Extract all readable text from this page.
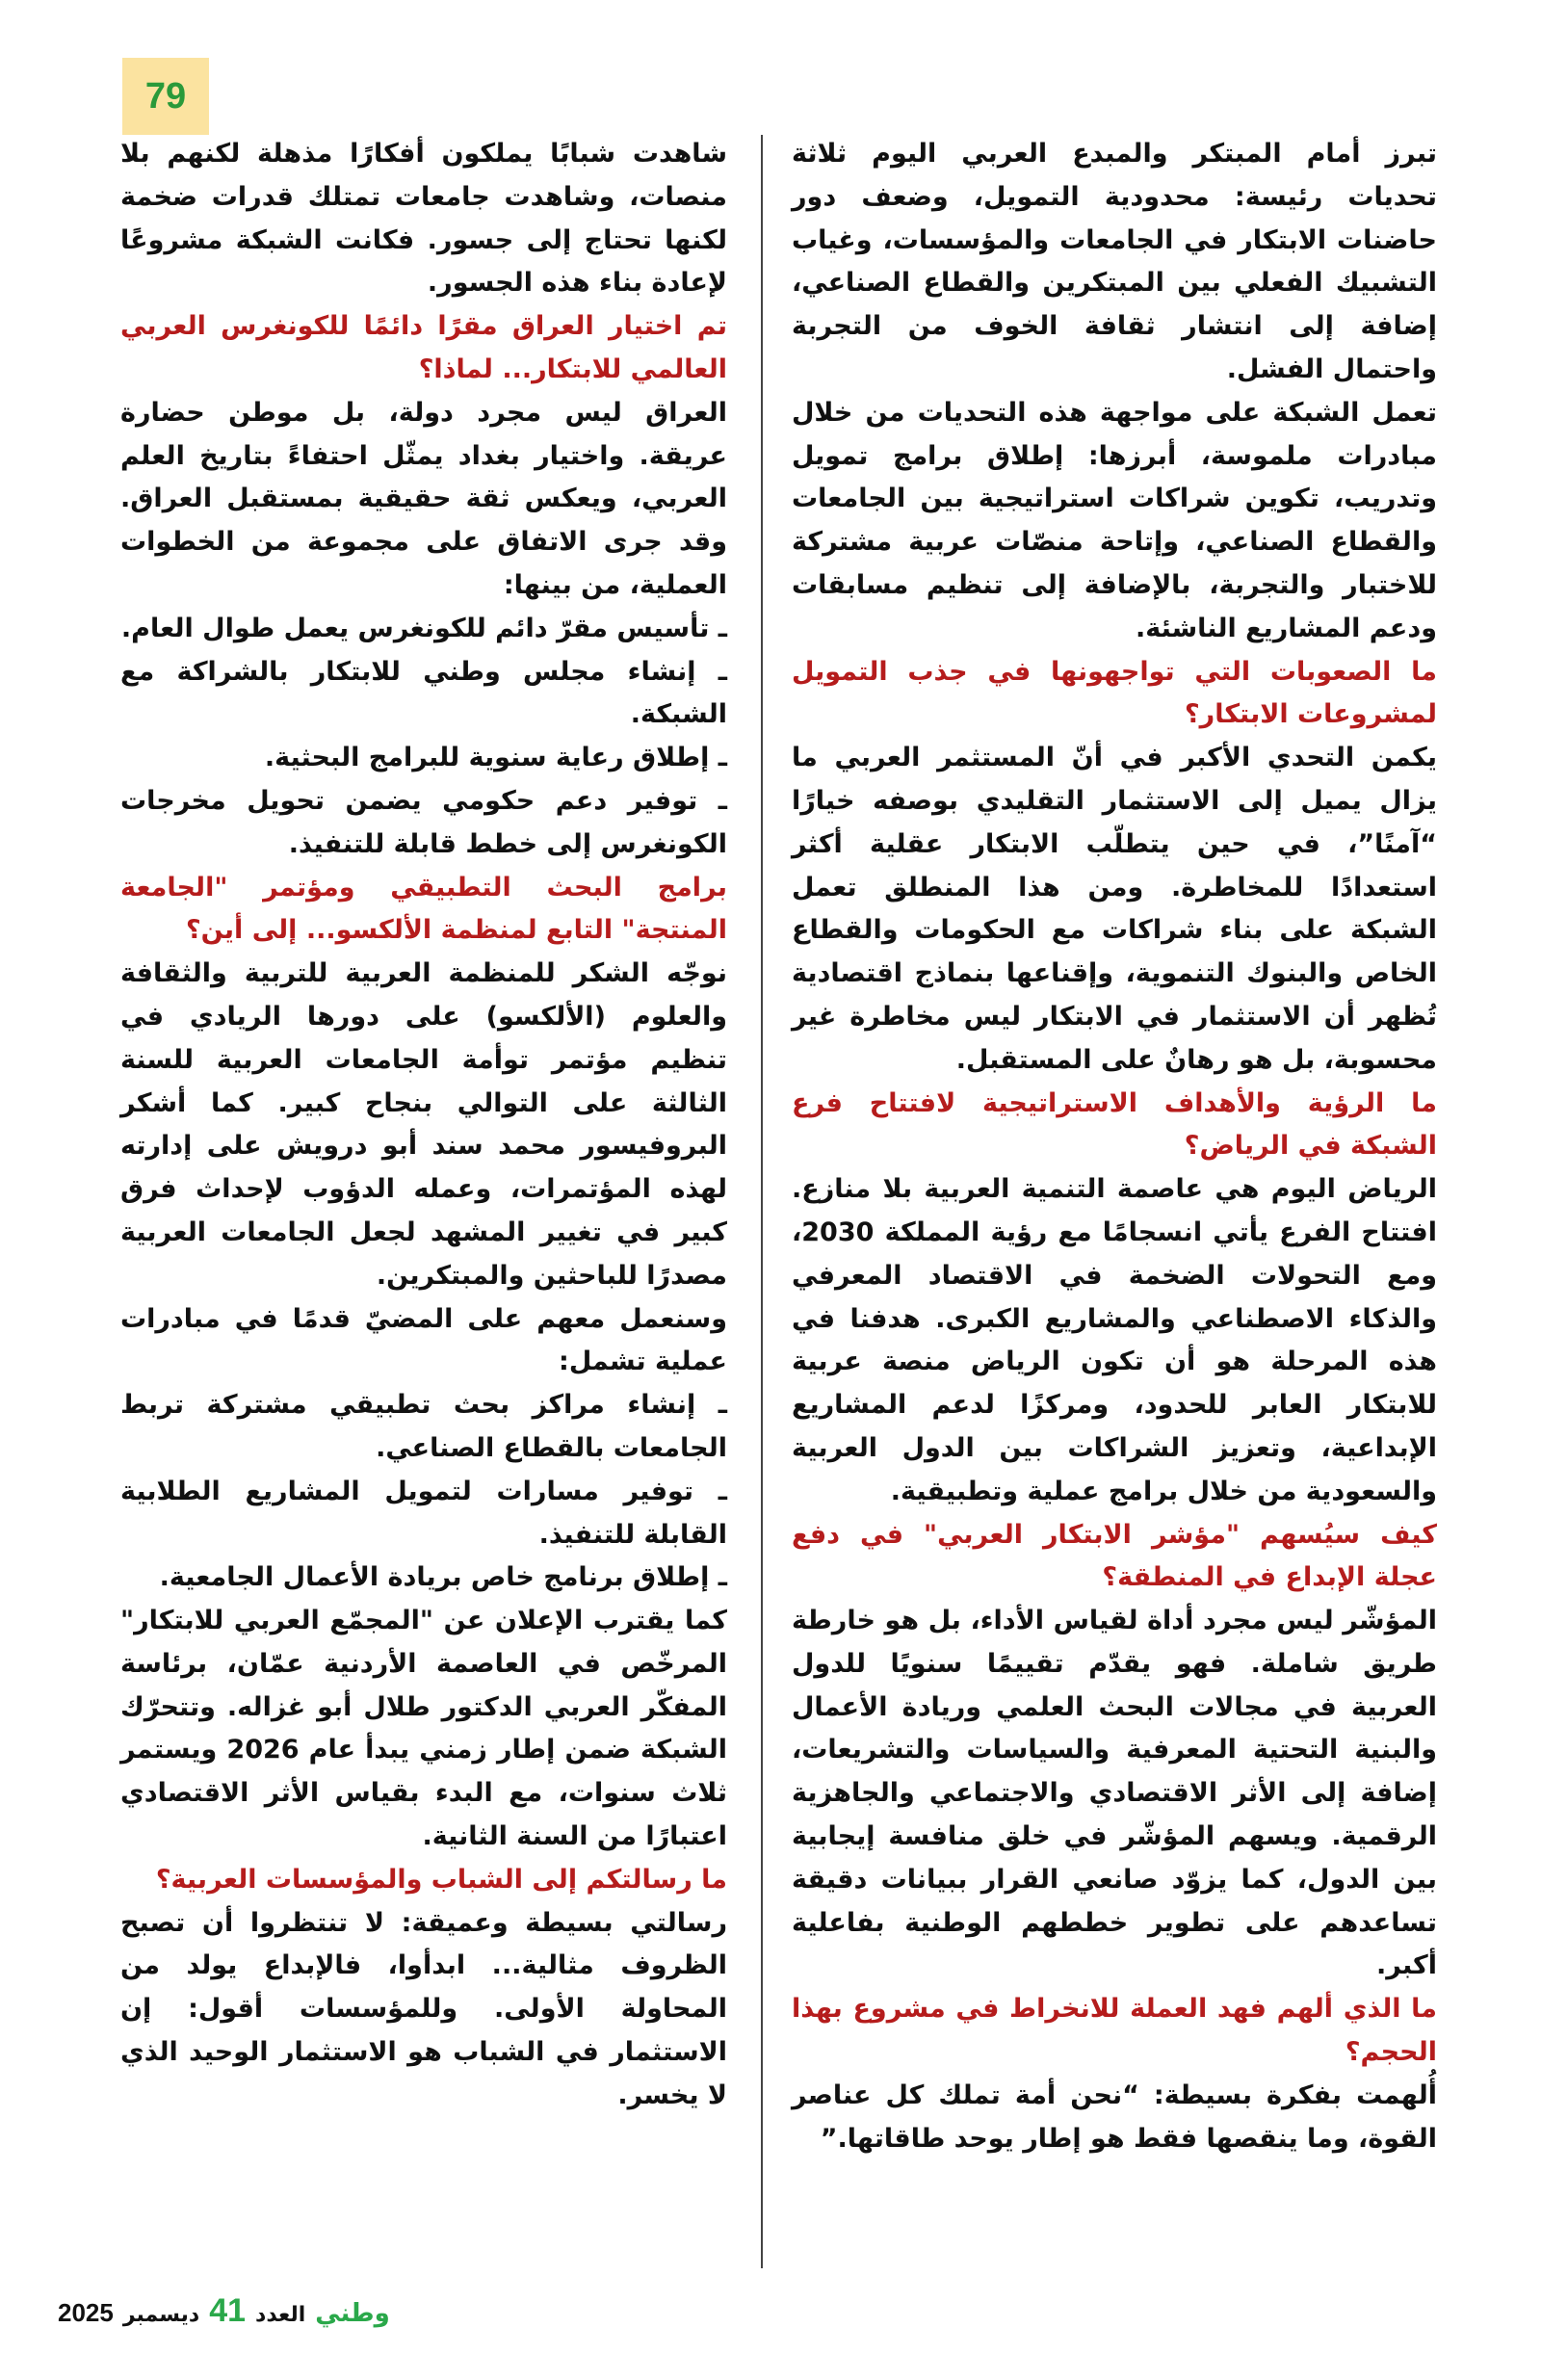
79

تبرز أمام المبتكر والمبدع العربي اليوم ثلاثة تحديات رئيسة: محدودية التمويل، وضعف دور حاضنات الابتكار في الجامعات والمؤسسات، وغياب التشبيك الفعلي بين المبتكرين والقطاع الصناعي، إضافة إلى انتشار ثقافة الخوف من التجربة واحتمال الفشل.

تعمل الشبكة على مواجهة هذه التحديات من خلال مبادرات ملموسة، أبرزها: إطلاق برامج تمويل وتدريب، تكوين شراكات استراتيجية بين الجامعات والقطاع الصناعي، وإتاحة منصّات عربية مشتركة للاختبار والتجربة، بالإضافة إلى تنظيم مسابقات ودعم المشاريع الناشئة.

ما الصعوبات التي تواجهونها في جذب التمويل لمشروعات الابتكار؟

يكمن التحدي الأكبر في أنّ المستثمر العربي ما يزال يميل إلى الاستثمار التقليدي بوصفه خيارًا “آمنًا”، في حين يتطلّب الابتكار عقلية أكثر استعدادًا للمخاطرة. ومن هذا المنطلق تعمل الشبكة على بناء شراكات مع الحكومات والقطاع الخاص والبنوك التنموية، وإقناعها بنماذج اقتصادية تُظهر أن الاستثمار في الابتكار ليس مخاطرة غير محسوبة، بل هو رهانٌ على المستقبل.

ما الرؤية والأهداف الاستراتيجية لافتتاح فرع الشبكة في الرياض؟

الرياض اليوم هي عاصمة التنمية العربية بلا منازع. افتتاح الفرع يأتي انسجامًا مع رؤية المملكة 2030، ومع التحولات الضخمة في الاقتصاد المعرفي والذكاء الاصطناعي والمشاريع الكبرى. هدفنا في هذه المرحلة هو أن تكون الرياض منصة عربية للابتكار العابر للحدود، ومركزًا لدعم المشاريع الإبداعية، وتعزيز الشراكات بين الدول العربية والسعودية من خلال برامج عملية وتطبيقية.

كيف سيُسهم "مؤشر الابتكار العربي" في دفع عجلة الإبداع في المنطقة؟

المؤشّر ليس مجرد أداة لقياس الأداء، بل هو خارطة طريق شاملة. فهو يقدّم تقييمًا سنويًا للدول العربية في مجالات البحث العلمي وريادة الأعمال والبنية التحتية المعرفية والسياسات والتشريعات، إضافة إلى الأثر الاقتصادي والاجتماعي والجاهزية الرقمية. ويسهم المؤشّر في خلق منافسة إيجابية بين الدول، كما يزوّد صانعي القرار ببيانات دقيقة تساعدهم على تطوير خططهم الوطنية بفاعلية أكبر.

ما الذي ألهم فهد العملة للانخراط في مشروع بهذا الحجم؟

أُلهمت بفكرة بسيطة: “نحن أمة تملك كل عناصر القوة، وما ينقصها فقط هو إطار يوحد طاقاتها.”

شاهدت شبابًا يملكون أفكارًا مذهلة لكنهم بلا منصات، وشاهدت جامعات تمتلك قدرات ضخمة لكنها تحتاج إلى جسور. فكانت الشبكة مشروعًا لإعادة بناء هذه الجسور.

تم اختيار العراق مقرًا دائمًا للكونغرس العربي العالمي للابتكار... لماذا؟

العراق ليس مجرد دولة، بل موطن حضارة عريقة. واختيار بغداد يمثّل احتفاءً بتاريخ العلم العربي، ويعكس ثقة حقيقية بمستقبل العراق. وقد جرى الاتفاق على مجموعة من الخطوات العملية، من بينها:

ـ تأسيس مقرّ دائم للكونغرس يعمل طوال العام.

ـ إنشاء مجلس وطني للابتكار بالشراكة مع الشبكة.

ـ إطلاق رعاية سنوية للبرامج البحثية.

ـ توفير دعم حكومي يضمن تحويل مخرجات الكونغرس إلى خطط قابلة للتنفيذ.

برامج البحث التطبيقي ومؤتمر "الجامعة المنتجة" التابع لمنظمة الألكسو... إلى أين؟

نوجّه الشكر للمنظمة العربية للتربية والثقافة والعلوم (الألكسو) على دورها الريادي في تنظيم مؤتمر توأمة الجامعات العربية للسنة الثالثة على التوالي بنجاح كبير. كما أشكر البروفيسور محمد سند أبو درويش على إدارته لهذه المؤتمرات، وعمله الدؤوب لإحداث فرق كبير في تغيير المشهد لجعل الجامعات العربية مصدرًا للباحثين والمبتكرين.

وسنعمل معهم على المضيّ قدمًا في مبادرات عملية تشمل:

ـ إنشاء مراكز بحث تطبيقي مشتركة تربط الجامعات بالقطاع الصناعي.

ـ توفير مسارات لتمويل المشاريع الطلابية القابلة للتنفيذ.

ـ إطلاق برنامج خاص بريادة الأعمال الجامعية.

كما يقترب الإعلان عن "المجمّع العربي للابتكار" المرخّص في العاصمة الأردنية عمّان، برئاسة المفكّر العربي الدكتور طلال أبو غزاله. وتتحرّك الشبكة ضمن إطار زمني يبدأ عام 2026 ويستمر ثلاث سنوات، مع البدء بقياس الأثر الاقتصادي اعتبارًا من السنة الثانية.

ما رسالتكم إلى الشباب والمؤسسات العربية؟

رسالتي بسيطة وعميقة: لا تنتظروا أن تصبح الظروف مثالية... ابدأوا، فالإبداع يولد من المحاولة الأولى. وللمؤسسات أقول: إن الاستثمار في الشباب هو الاستثمار الوحيد الذي لا يخسر.

وطني
العدد
41
ديسمبر
2025
